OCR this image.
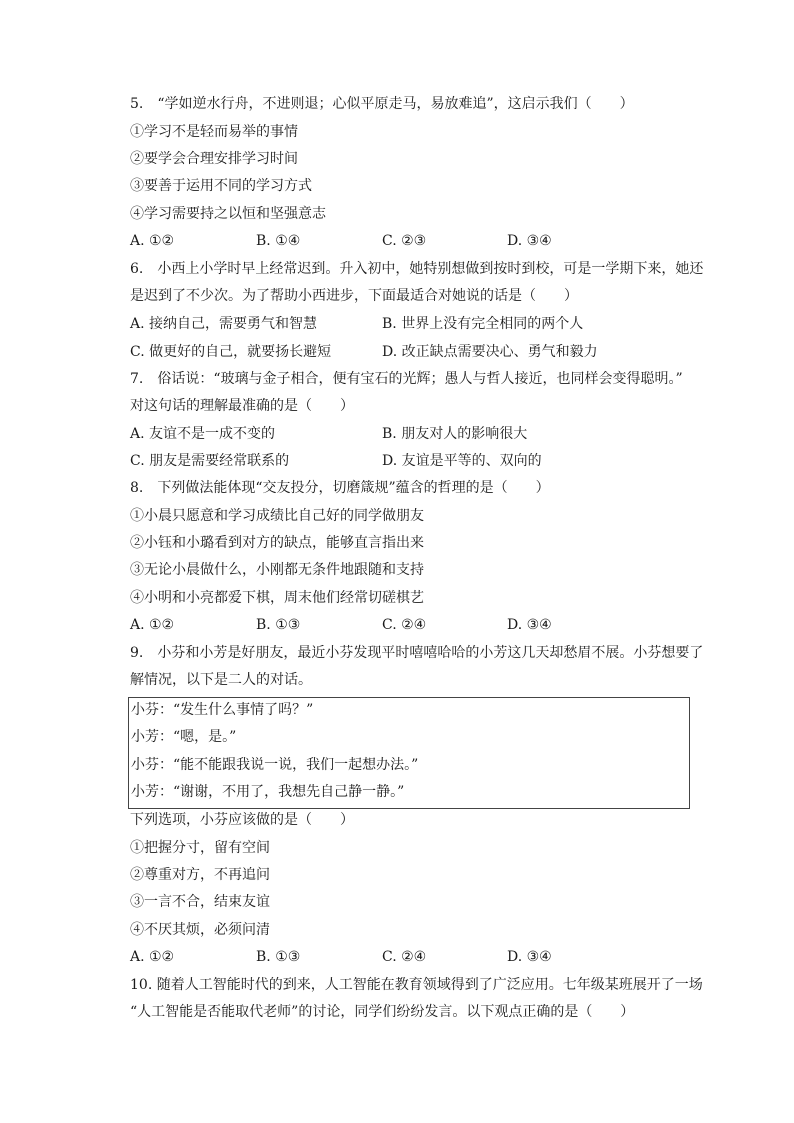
5.　“学如逆水行舟，不进则退；心似平原走马，易放难追”，这启示我们（　　）
①学习不是轻而易举的事情
②要学会合理安排学习时间
③要善于运用不同的学习方式
④学习需要持之以恒和坚强意志
A. ①②	B. ①④	C. ②③	D. ③④
6.　小西上小学时早上经常迟到。升入初中，她特别想做到按时到校，可是一学期下来，她还
是迟到了不少次。为了帮助小西进步，下面最适合对她说的话是（　　）
A. 接纳自己，需要勇气和智慧	B. 世界上没有完全相同的两个人
C. 做更好的自己，就要扬长避短	D. 改正缺点需要决心、勇气和毅力
7.　俗话说：“玻璃与金子相合，便有宝石的光辉；愚人与哲人接近，也同样会变得聪明。”
对这句话的理解最准确的是（　　）
A. 友谊不是一成不变的	B. 朋友对人的影响很大
C. 朋友是需要经常联系的	D. 友谊是平等的、双向的
8.　下列做法能体现“交友投分，切磨箴规”蕴含的哲理的是（　　）
①小晨只愿意和学习成绩比自己好的同学做朋友
②小钰和小璐看到对方的缺点，能够直言指出来
③无论小晨做什么，小刚都无条件地跟随和支持
④小明和小亮都爱下棋，周末他们经常切磋棋艺
A. ①②	B. ①③	C. ②④	D. ③④
9.　小芬和小芳是好朋友，最近小芬发现平时嘻嘻哈哈的小芳这几天却愁眉不展。小芬想要了
解情况，以下是二人的对话。
小芬：“发生什么事情了吗？”
小芳：“嗯，是。”
小芬：“能不能跟我说一说，我们一起想办法。”
小芳：“谢谢，不用了，我想先自己静一静。”
下列选项，小芬应该做的是（　　）
①把握分寸，留有空间
②尊重对方，不再追问
③一言不合，结束友谊
④不厌其烦，必须问清
A. ①②	B. ①③	C. ②④	D. ③④
10. 随着人工智能时代的到来，人工智能在教育领域得到了广泛应用。七年级某班展开了一场
“人工智能是否能取代老师”的讨论，同学们纷纷发言。以下观点正确的是（　　）
